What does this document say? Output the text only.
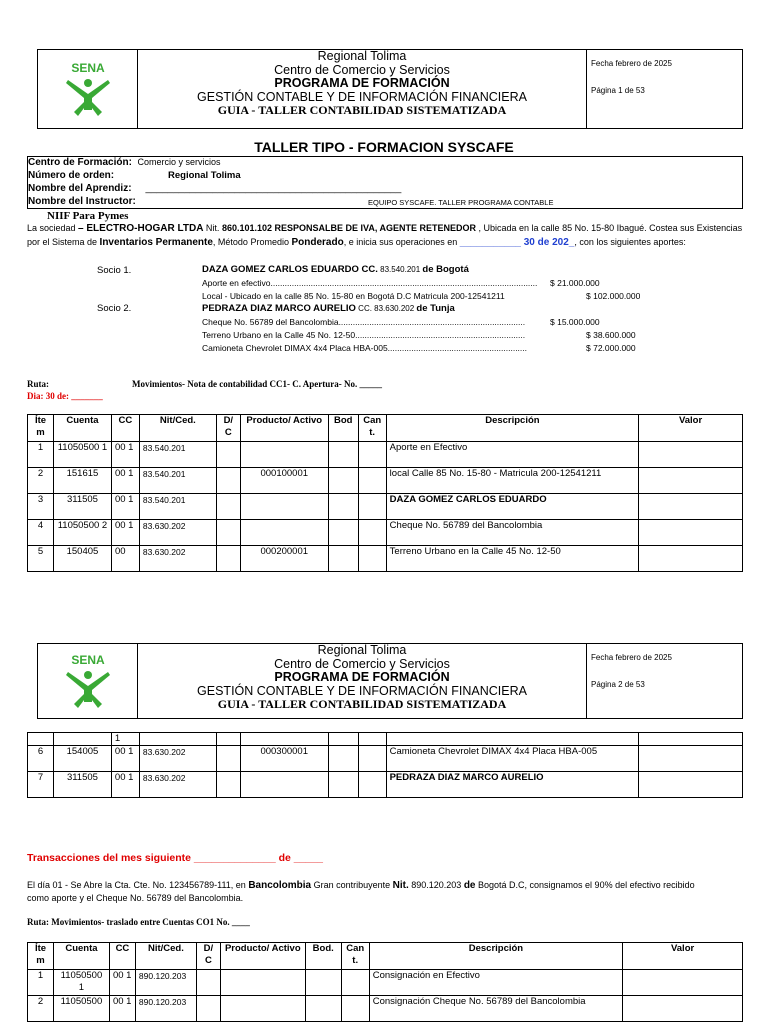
SENA
Regional Tolima
Centro de Comercio y Servicios
PROGRAMA DE FORMACIÓN
GESTIÓN CONTABLE Y DE INFORMACIÓN FINANCIERA
GUIA - TALLER CONTABILIDAD SISTEMATIZADA
Fecha febrero de 2025
Página 1 de 53
TALLER TIPO - FORMACION SYSCAFE
Centro de Formación: Comercio y servicios
Número de orden:	Regional Tolima
Nombre del Aprendiz: ______________________________________________
Nombre del Instructor:	EQUIPO SYSCAFE. TALLER PROGRAMA CONTABLE
NIIF Para Pymes
La sociedad – ELECTRO-HOGAR LTDA Nit. 860.101.102 RESPONSALBE DE IVA, AGENTE RETENEDOR , Ubicada en la calle 85 No. 15-80 Ibagué. Costea sus Existencias
por el Sistema de Inventarios Permanente, Método Promedio Ponderado, e inicia sus operaciones en ___________ 30 de 202_, con los siguientes aportes:
Socio 1.	DAZA GOMEZ CARLOS EDUARDO CC. 83.540.201 de Bogotá
Aporte en efectivo................................................................................................................. $ 21.000.000
Local - Ubicado en la calle 85 No. 15-80 en Bogotá D.C Matricula 200-12541211	$ 102.000.000
Socio 2.	PEDRAZA DIAZ MARCO AURELIO CC. 83.630.202 de Tunja
Cheque No. 56789 del Bancolombia...............................................................................	$ 15.000.000
Terreno Urbano en la Calle 45 No. 12-50........................................................................	$ 38.600.000
Camioneta Chevrolet DIMAX 4x4 Placa HBA-005...........................................................	$ 72.000.000
Ruta:	Movimientos- Nota de contabilidad CC1- C. Apertura- No. _____
Dia: 30 de: _______
Íte m	Cuenta	CC	Nit/Ced.	D/ C	Producto/ Activo	Bod	Can t.	Descripción	Valor
1	11050500 1	00 1	83.540.201					Aporte en Efectivo	
2	151615	00 1	83.540.201		000100001			local Calle 85 No. 15-80 - Matricula 200-12541211	
3	311505	00 1	83.540.201					DAZA GOMEZ CARLOS EDUARDO	
4	11050500 2	00 1	83.630.202					Cheque No. 56789 del Bancolombia	
5	150405	00	83.630.202		000200001			Terreno Urbano en la Calle 45 No. 12-50	
SENA
Regional Tolima
Centro de Comercio y Servicios
PROGRAMA DE FORMACIÓN
GESTIÓN CONTABLE Y DE INFORMACIÓN FINANCIERA
GUIA - TALLER CONTABILIDAD SISTEMATIZADA
Fecha febrero de 2025
Página 2 de 53
		1							
6	154005	00 1	83.630.202		000300001			Camioneta Chevrolet DIMAX 4x4 Placa HBA-005	
7	311505	00 1	83.630.202					PEDRAZA DIAZ MARCO AURELIO	
Transacciones del mes siguiente ______________ de _____
El día 01 - Se Abre la Cta. Cte. No. 123456789-111, en Bancolombia Gran contribuyente Nit. 890.120.203 de Bogotá D.C, consignamos el 90% del efectivo recibido
como aporte y el Cheque No. 56789 del Bancolombia.
Ruta: Movimientos- traslado entre Cuentas CO1 No. ____
Íte m	Cuenta	CC	Nit/Ced.	D/ C	Producto/ Activo	Bod.	Can t.	Descripción	Valor
1	11050500 1	00 1	890.120.203					Consignación en Efectivo	
2	11050500	00 1	890.120.203					Consignación Cheque No. 56789 del Bancolombia	
